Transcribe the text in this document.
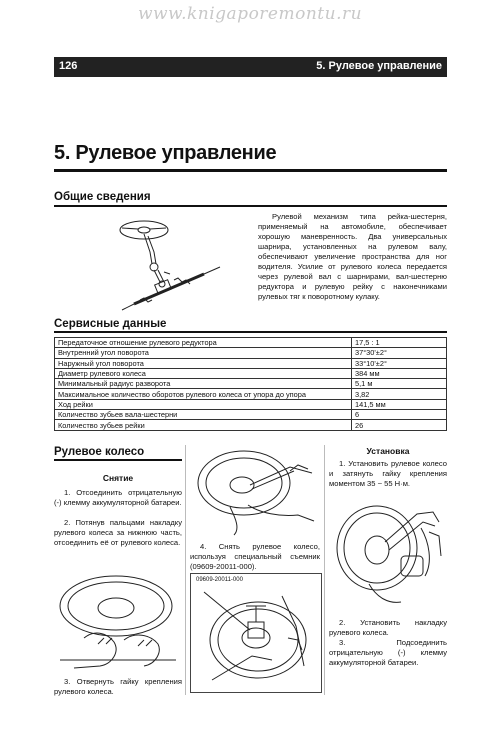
www.knigaporemontu.ru
126	5. Рулевое управление
5. Рулевое управление
Общие сведения
Рулевой механизм типа рейка-шестерня, применяемый на автомобиле, обеспечивает хорошую маневренность. Два универсальных шарнира, установленных на рулевом валу, обеспечивают увеличение пространства для ног водителя. Усилие от рулевого колеса передается через рулевой вал с шарнирами, вал-шестерню редуктора и рулевую рейку с наконечниками рулевых тяг к поворотному кулаку.
Сервисные данные
Передаточное отношение рулевого редуктора	17,5 : 1
Внутренний угол поворота	37°30'±2°
Наружный угол поворота	33°10'±2°
Диаметр рулевого колеса	384 мм
Минимальный радиус разворота	5,1 м
Максимальное количество оборотов рулевого колеса от упора до упора	3,82
Ход рейки	141,5 мм
Количество зубьев вала-шестерни	6
Количество зубьев рейки	26
Рулевое колесо
Снятие
1. Отсоединить отрицательную (-) клемму аккумуляторной батареи.
2. Потянув пальцами накладку рулевого колеса за нижнюю часть, отсоединить её от рулевого колеса.
3. Отвернуть гайку крепления рулевого колеса.
4. Снять рулевое колесо, используя специальный съемник (09609-20011-000).
09609-20011-000
Установка
1. Установить рулевое колесо и затянуть гайку крепления моментом 35 ~ 55 Н·м.
2. Установить накладку рулевого колеса.
3. Подсоединить отрицательную (-) клемму аккумуляторной батареи.
